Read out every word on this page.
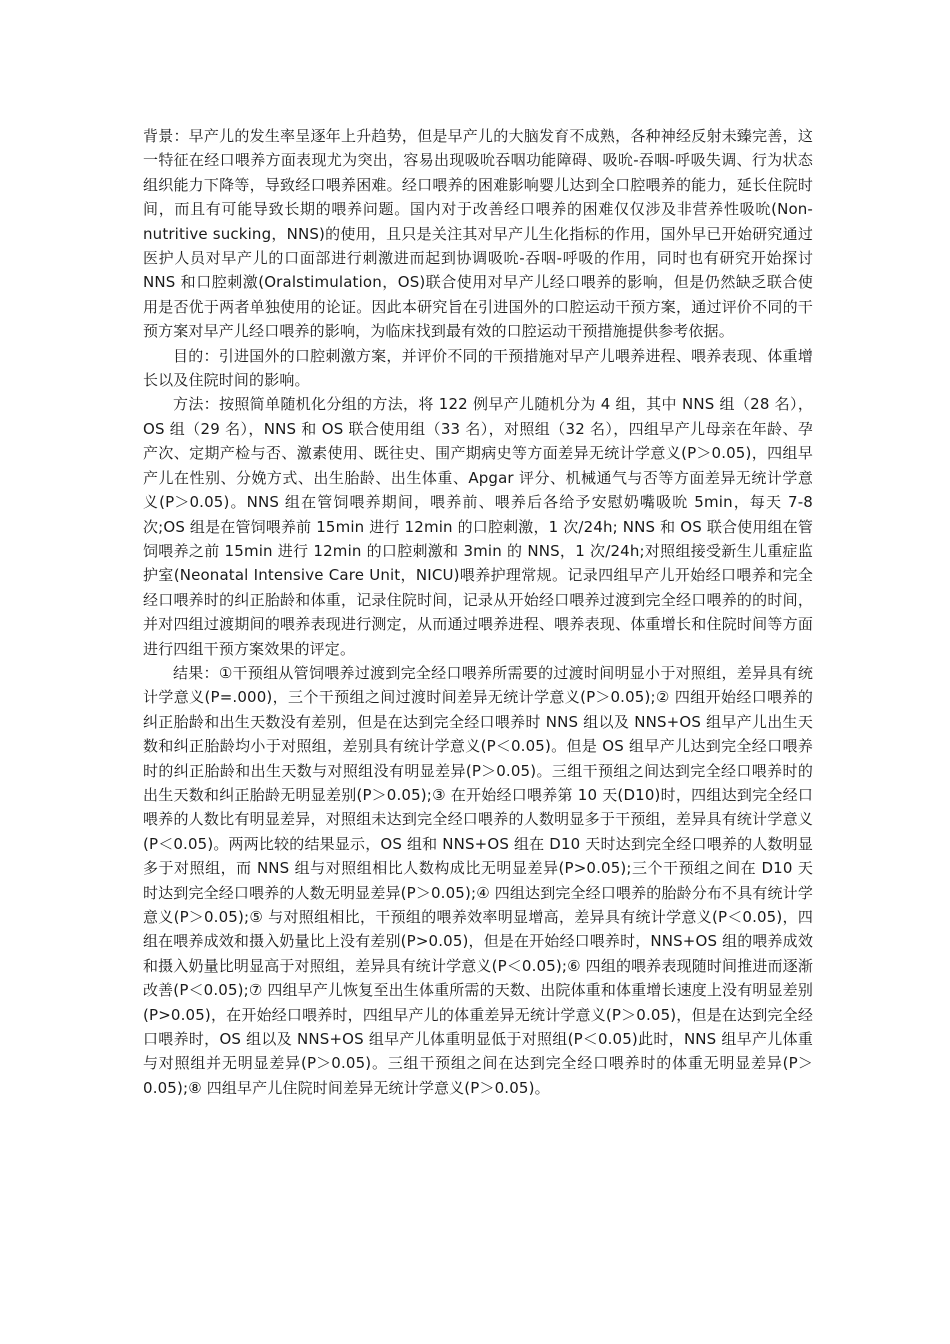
背景：早产儿的发生率呈逐年上升趋势，但是早产儿的大脑发育不成熟，各种神经反射未臻完善，这一特征在经口喂养方面表现尤为突出，容易出现吸吮吞咽功能障碍、吸吮-吞咽-呼吸失调、行为状态组织能力下降等，导致经口喂养困难。经口喂养的困难影响婴儿达到全口腔喂养的能力，延长住院时间，而且有可能导致长期的喂养问题。国内对于改善经口喂养的困难仅仅涉及非营养性吸吮(Non-nutritive sucking，NNS)的使用，且只是关注其对早产儿生化指标的作用，国外早已开始研究通过医护人员对早产儿的口面部进行刺激进而起到协调吸吮-吞咽-呼吸的作用，同时也有研究开始探讨 NNS 和口腔刺激(Oralstimulation，OS)联合使用对早产儿经口喂养的影响，但是仍然缺乏联合使用是否优于两者单独使用的论证。因此本研究旨在引进国外的口腔运动干预方案，通过评价不同的干预方案对早产儿经口喂养的影响，为临床找到最有效的口腔运动干预措施提供参考依据。

目的：引进国外的口腔刺激方案，并评价不同的干预措施对早产儿喂养进程、喂养表现、体重增长以及住院时间的影响。

方法：按照简单随机化分组的方法，将 122 例早产儿随机分为 4 组，其中 NNS 组（28 名），OS 组（29 名），NNS 和 OS 联合使用组（33 名），对照组（32 名），四组早产儿母亲在年龄、孕产次、定期产检与否、激素使用、既往史、围产期病史等方面差异无统计学意义(P＞0.05)，四组早产儿在性别、分娩方式、出生胎龄、出生体重、Apgar 评分、机械通气与否等方面差异无统计学意义(P＞0.05)。NNS 组在管饲喂养期间，喂养前、喂养后各给予安慰奶嘴吸吮 5min，每天 7-8 次;OS 组是在管饲喂养前 15min 进行 12min 的口腔刺激，1 次/24h; NNS 和 OS 联合使用组在管饲喂养之前 15min 进行 12min 的口腔刺激和 3min 的 NNS，1 次/24h;对照组接受新生儿重症监护室(Neonatal Intensive Care Unit，NICU)喂养护理常规。记录四组早产儿开始经口喂养和完全经口喂养时的纠正胎龄和体重，记录住院时间，记录从开始经口喂养过渡到完全经口喂养的的时间，并对四组过渡期间的喂养表现进行测定，从而通过喂养进程、喂养表现、体重增长和住院时间等方面进行四组干预方案效果的评定。

结果：①干预组从管饲喂养过渡到完全经口喂养所需要的过渡时间明显小于对照组，差异具有统计学意义(P=.000)，三个干预组之间过渡时间差异无统计学意义(P＞0.05);② 四组开始经口喂养的纠正胎龄和出生天数没有差别，但是在达到完全经口喂养时 NNS 组以及 NNS+OS 组早产儿出生天数和纠正胎龄均小于对照组，差别具有统计学意义(P＜0.05)。但是 OS 组早产儿达到完全经口喂养时的纠正胎龄和出生天数与对照组没有明显差异(P＞0.05)。三组干预组之间达到完全经口喂养时的出生天数和纠正胎龄无明显差别(P＞0.05);③ 在开始经口喂养第 10 天(D10)时，四组达到完全经口喂养的人数比有明显差异，对照组未达到完全经口喂养的人数明显多于干预组，差异具有统计学意义(P＜0.05)。两两比较的结果显示，OS 组和 NNS+OS 组在 D10 天时达到完全经口喂养的人数明显多于对照组，而 NNS 组与对照组相比人数构成比无明显差异(P>0.05);三个干预组之间在 D10 天时达到完全经口喂养的人数无明显差异(P＞0.05);④ 四组达到完全经口喂养的胎龄分布不具有统计学意义(P＞0.05);⑤ 与对照组相比，干预组的喂养效率明显增高，差异具有统计学意义(P＜0.05)，四组在喂养成效和摄入奶量比上没有差别(P>0.05)，但是在开始经口喂养时，NNS+OS 组的喂养成效和摄入奶量比明显高于对照组，差异具有统计学意义(P＜0.05);⑥ 四组的喂养表现随时间推进而逐渐改善(P＜0.05);⑦ 四组早产儿恢复至出生体重所需的天数、出院体重和体重增长速度上没有明显差别(P>0.05)，在开始经口喂养时，四组早产儿的体重差异无统计学意义(P＞0.05)，但是在达到完全经口喂养时，OS 组以及 NNS+OS 组早产儿体重明显低于对照组(P＜0.05)此时，NNS 组早产儿体重与对照组并无明显差异(P＞0.05)。三组干预组之间在达到完全经口喂养时的体重无明显差异(P＞0.05);⑧ 四组早产儿住院时间差异无统计学意义(P＞0.05)。
